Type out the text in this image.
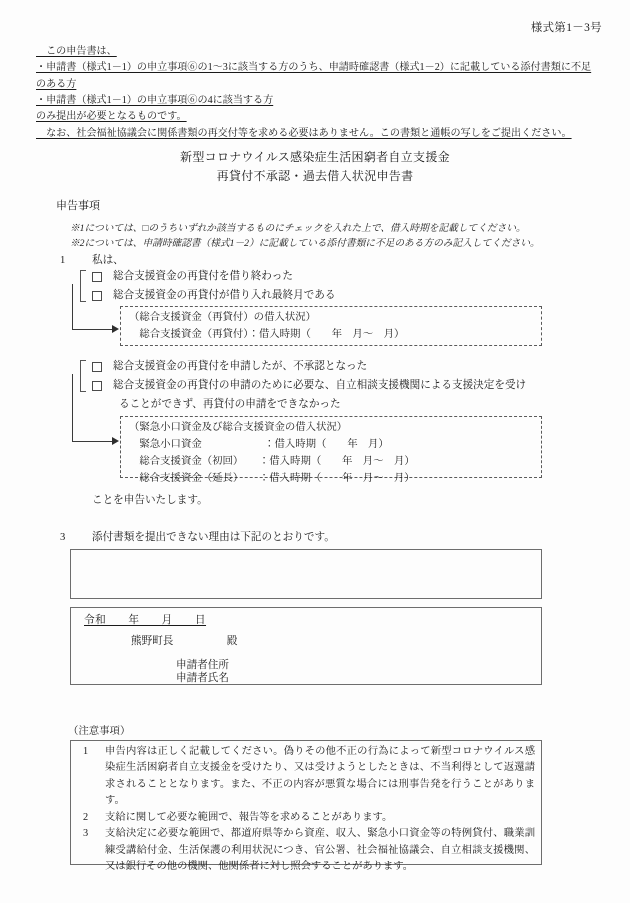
様式第1－3号
　この申告書は、
・申請書（様式1－1）の申立事項⑥の1～3に該当する方のうち、申請時確認書（様式1－2）に記載している添付書類に不足のある方
・申請書（様式1－1）の申立事項⑥の4に該当する方
のみ提出が必要となるものです。
　なお、社会福祉協議会に関係書類の再交付等を求める必要はありません。この書類と通帳の写しをご提出ください。
新型コロナウイルス感染症生活困窮者自立支援金
再貸付不承認・過去借入状況申告書
申告事項
※1については、□のうちいずれか該当するものにチェックを入れた上で、借入時期を記載してください。
※2については、申請時確認書（様式1－2）に記載している添付書類に不足のある方のみ記入してください。
1	私は、
総合支援資金の再貸付を借り終わった
総合支援資金の再貸付が借り入れ最終月である
（総合支援資金（再貸付）の借入状況）
　総合支援資金（再貸付）：借入時期（　　年　月～　月）
総合支援資金の再貸付を申請したが、不承認となった
総合支援資金の再貸付の申請のために必要な、自立相談支援機関による支援決定を受け
ることができず、再貸付の申請をできなかった
（緊急小口資金及び総合支援資金の借入状況）
　緊急小口資金　　　　　　：借入時期（　　年　月）
　総合支援資金（初回）　　：借入時期（　　年　月～　月）
　総合支援資金（延長）　　：借入時期（　　年　月～　月）
ことを申告いたします。
3	添付書類を提出できない理由は下記のとおりです。
令和　　年　　月　　日
熊野町長	殿
申請者住所
申請者氏名
（注意事項）
1	申告内容は正しく記載してください。偽りその他不正の行為によって新型コロナウイルス感染症生活困窮者自立支援金を受けたり、又は受けようとしたときは、不当利得として返還請求されることとなります。また、不正の内容が悪質な場合には刑事告発を行うことがあります。
2	支給に関して必要な範囲で、報告等を求めることがあります。
3	支給決定に必要な範囲で、都道府県等から資産、収入、緊急小口資金等の特例貸付、職業訓練受講給付金、生活保護の利用状況につき、官公署、社会福祉協議会、自立相談支援機関、又は銀行その他の機関、他関係者に対し照会することがあります。
